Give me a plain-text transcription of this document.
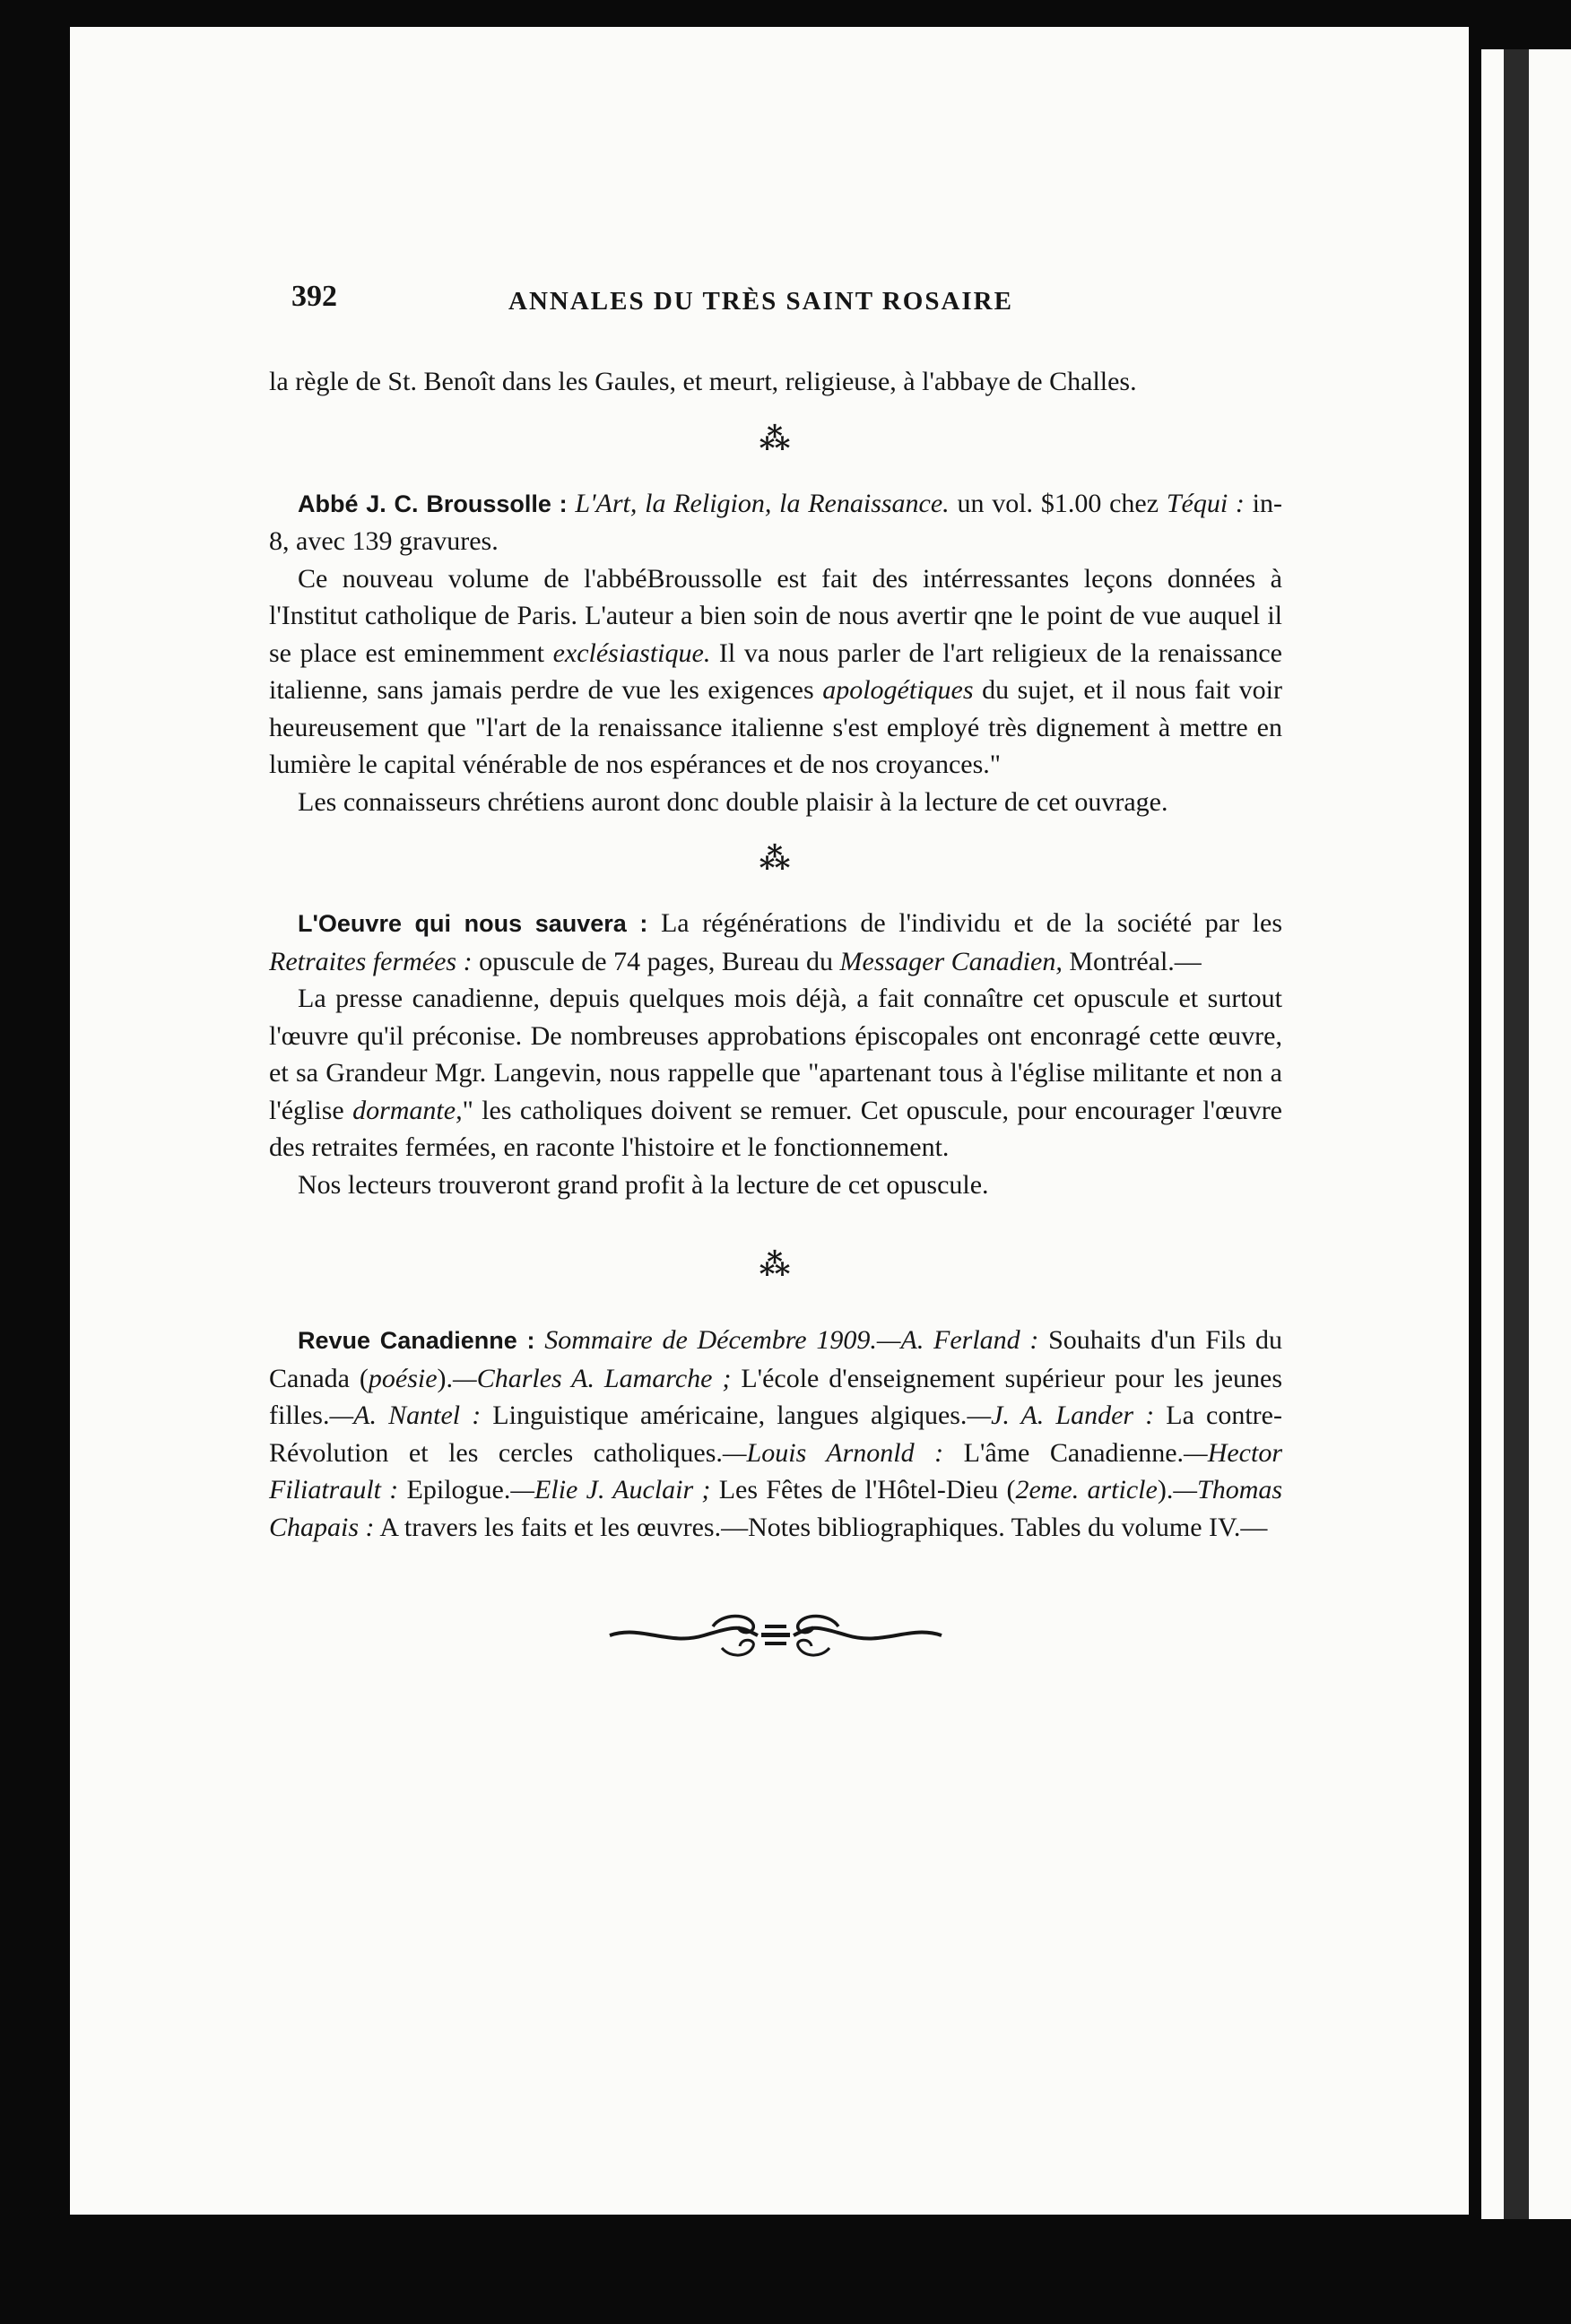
392	ANNALES DU TRÈS SAINT ROSAIRE

la règle de St. Benoît dans les Gaules, et meurt, religieuse, à l'abbaye de Challes.

⁂

Abbé J. C. Broussolle : L'Art, la Religion, la Renaissance. un vol. $1.00 chez Téqui : in-8, avec 139 gravures.

Ce nouveau volume de l'abbéBroussolle est fait des intérressantes leçons données à l'Institut catholique de Paris. L'auteur a bien soin de nous avertir qne le point de vue auquel il se place est eminemment exclésiastique. Il va nous parler de l'art religieux de la renaissance italienne, sans jamais perdre de vue les exigences apologétiques du sujet, et il nous fait voir heureusement que "l'art de la renaissance italienne s'est employé très dignement à mettre en lumière le capital vénérable de nos espérances et de nos croyances."

Les connaisseurs chrétiens auront donc double plaisir à la lecture de cet ouvrage.

⁂

L'Oeuvre qui nous sauvera : La régénérations de l'individu et de la société par les Retraites fermées : opuscule de 74 pages, Bureau du Messager Canadien, Montréal.—

La presse canadienne, depuis quelques mois déjà, a fait connaître cet opuscule et surtout l'œuvre qu'il préconise. De nombreuses approbations épiscopales ont enconragé cette œuvre, et sa Grandeur Mgr. Langevin, nous rappelle que "apartenant tous à l'église militante et non a l'église dormante," les catholiques doivent se remuer. Cet opuscule, pour encourager l'œuvre des retraites fermées, en raconte l'histoire et le fonctionnement.

Nos lecteurs trouveront grand profit à la lecture de cet opuscule.

⁂

Revue Canadienne : Sommaire de Décembre 1909.—A. Ferland : Souhaits d'un Fils du Canada (poésie).—Charles A. Lamarche ; L'école d'enseignement supérieur pour les jeunes filles.—A. Nantel : Linguistique américaine, langues algiques.—J. A. Lander : La contre-Révolution et les cercles catholiques.—Louis Arnonld : L'âme Canadienne.—Hector Filiatrault : Epilogue.—Elie J. Auclair ; Les Fêtes de l'Hôtel-Dieu (2eme. article).—Thomas Chapais : A travers les faits et les œuvres.—Notes bibliographiques. Tables du volume IV.—
